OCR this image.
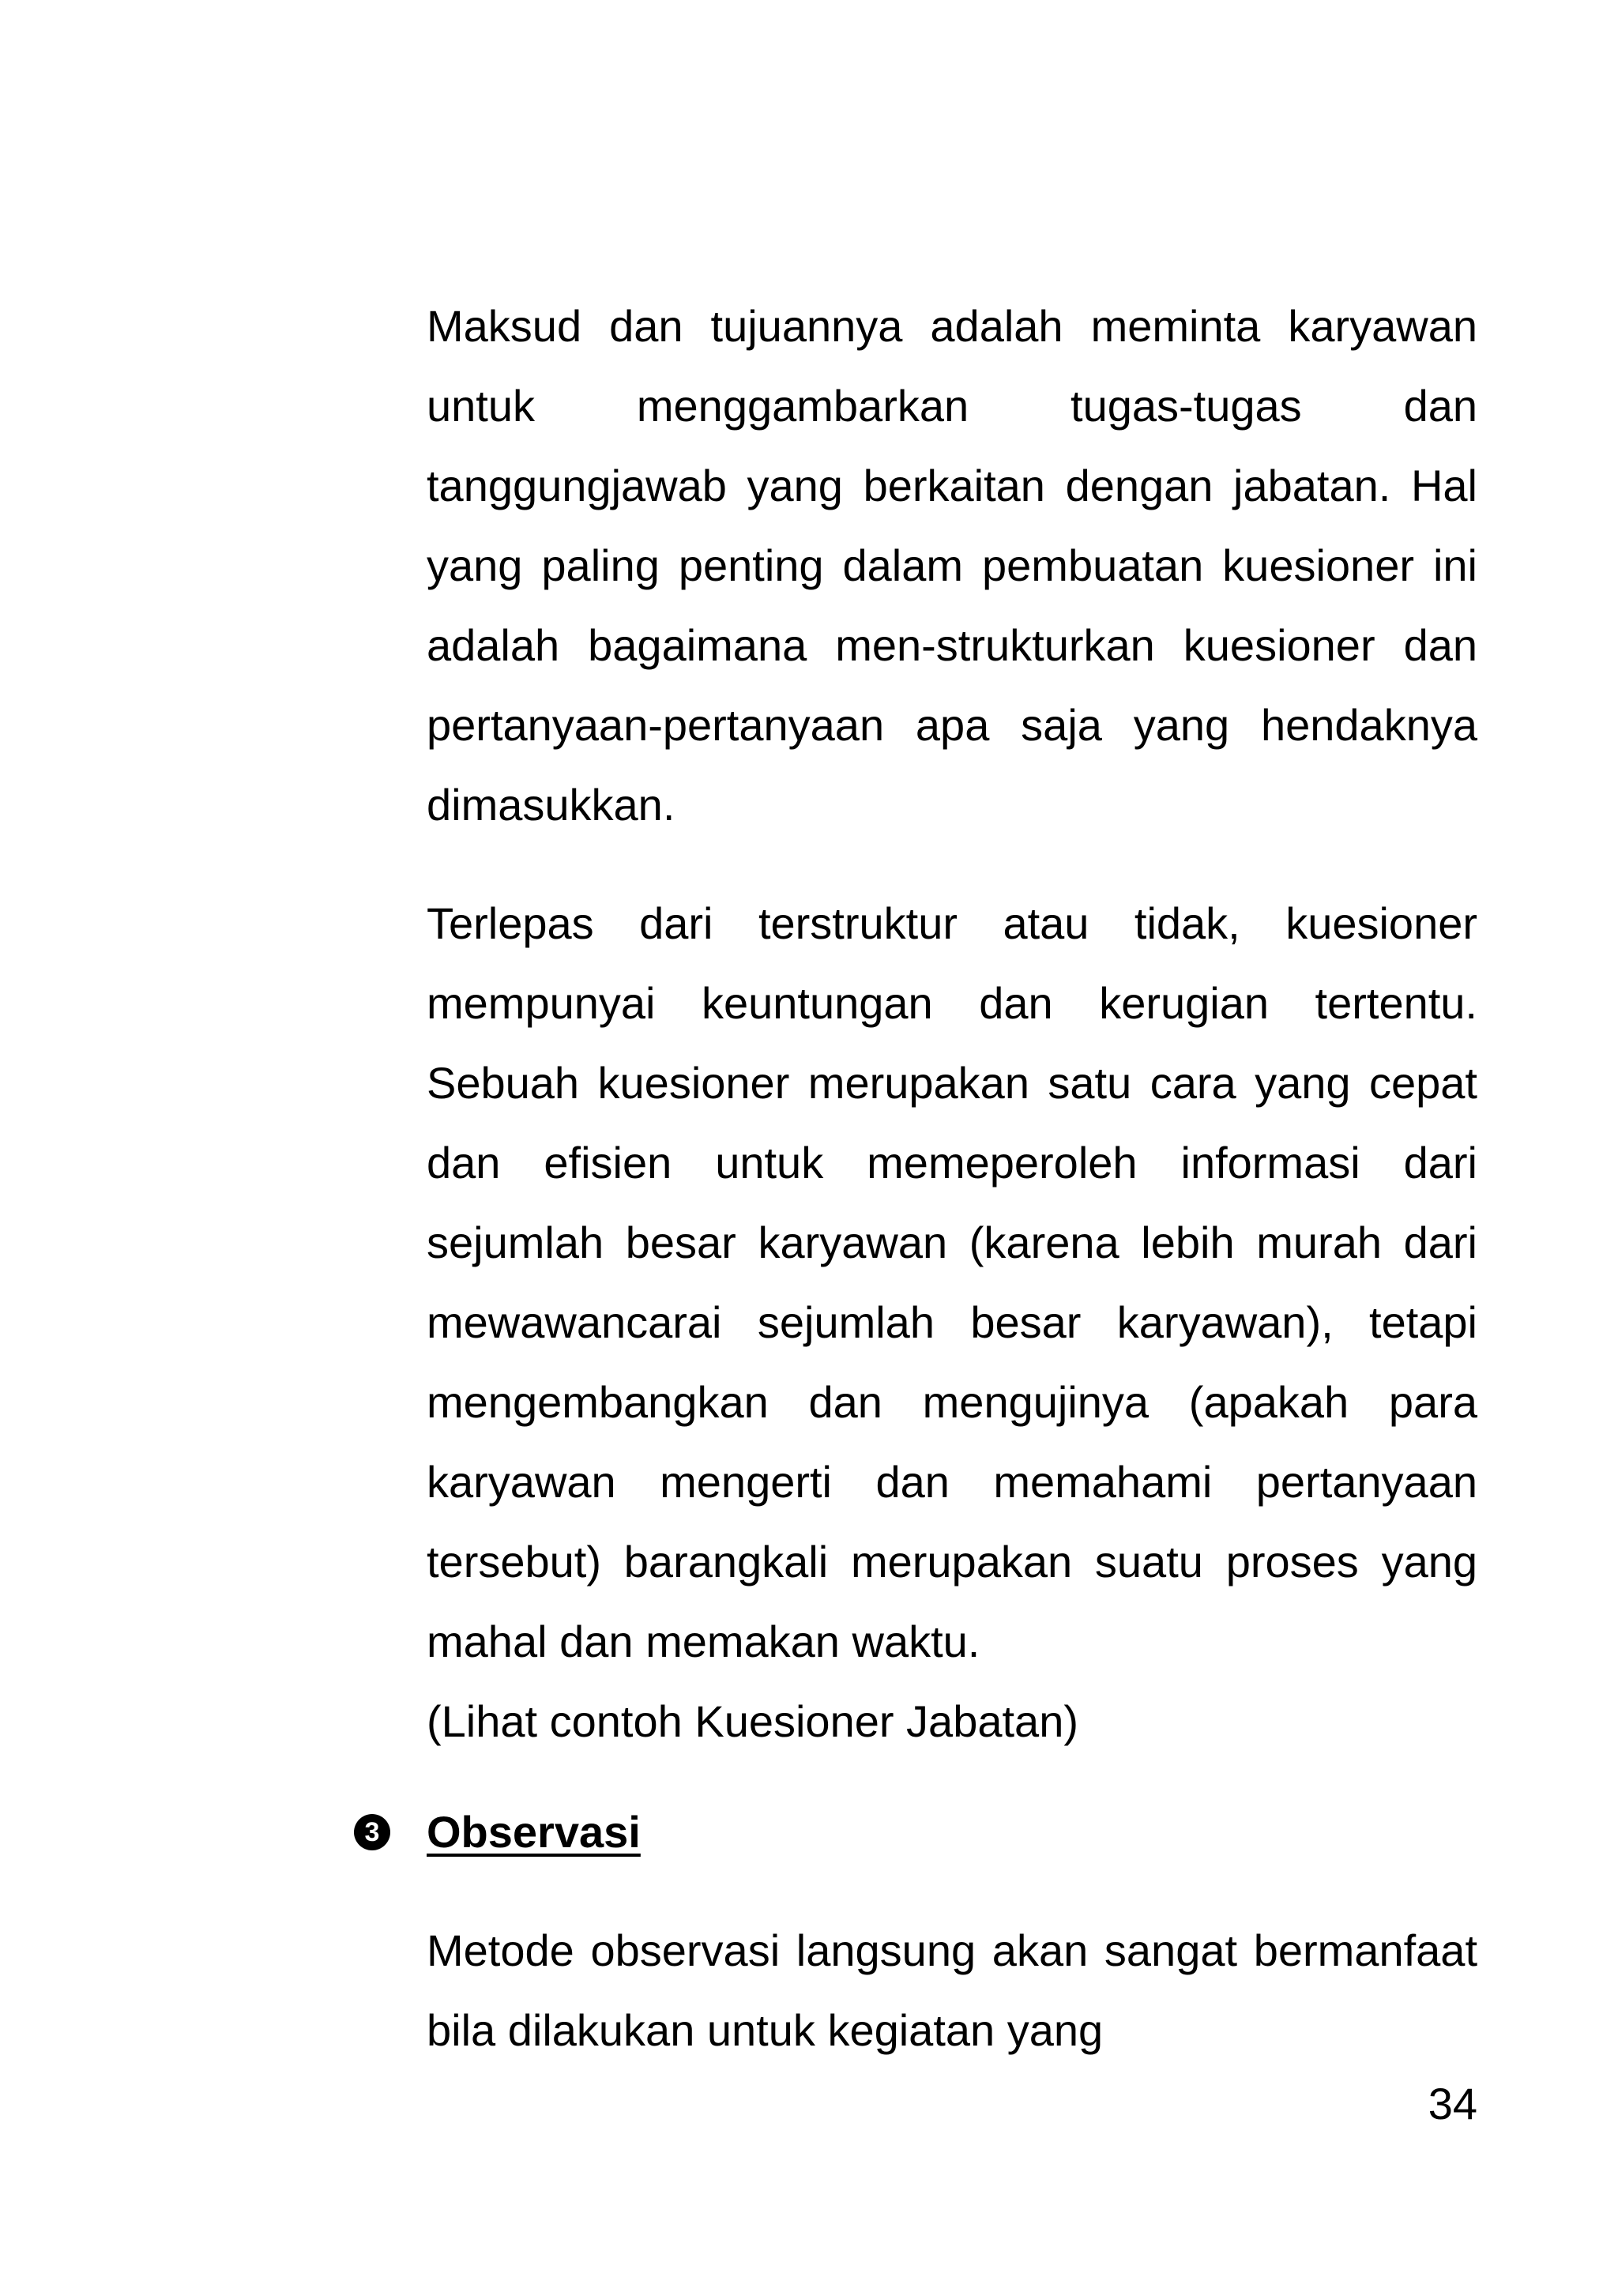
Maksud dan tujuannya adalah meminta karyawan untuk menggambarkan tugas-tugas dan tanggungjawab yang berkaitan dengan jabatan. Hal yang paling penting dalam pembuatan kuesioner ini adalah bagaimana men-strukturkan kuesioner dan pertanyaan-pertanyaan apa saja yang hendaknya dimasukkan.

Terlepas dari terstruktur atau tidak, kuesioner mempunyai keuntungan dan kerugian tertentu. Sebuah kuesioner merupakan satu cara yang cepat dan efisien untuk memeperoleh informasi dari sejumlah besar karyawan (karena lebih murah dari mewawancarai sejumlah besar karyawan), tetapi mengembangkan dan mengujinya (apakah para karyawan mengerti dan memahami pertanyaan tersebut) barangkali merupakan suatu proses yang mahal dan memakan waktu.

(Lihat contoh Kuesioner Jabatan)

3 Observasi

Metode observasi langsung akan sangat bermanfaat bila dilakukan untuk kegiatan yang

34
